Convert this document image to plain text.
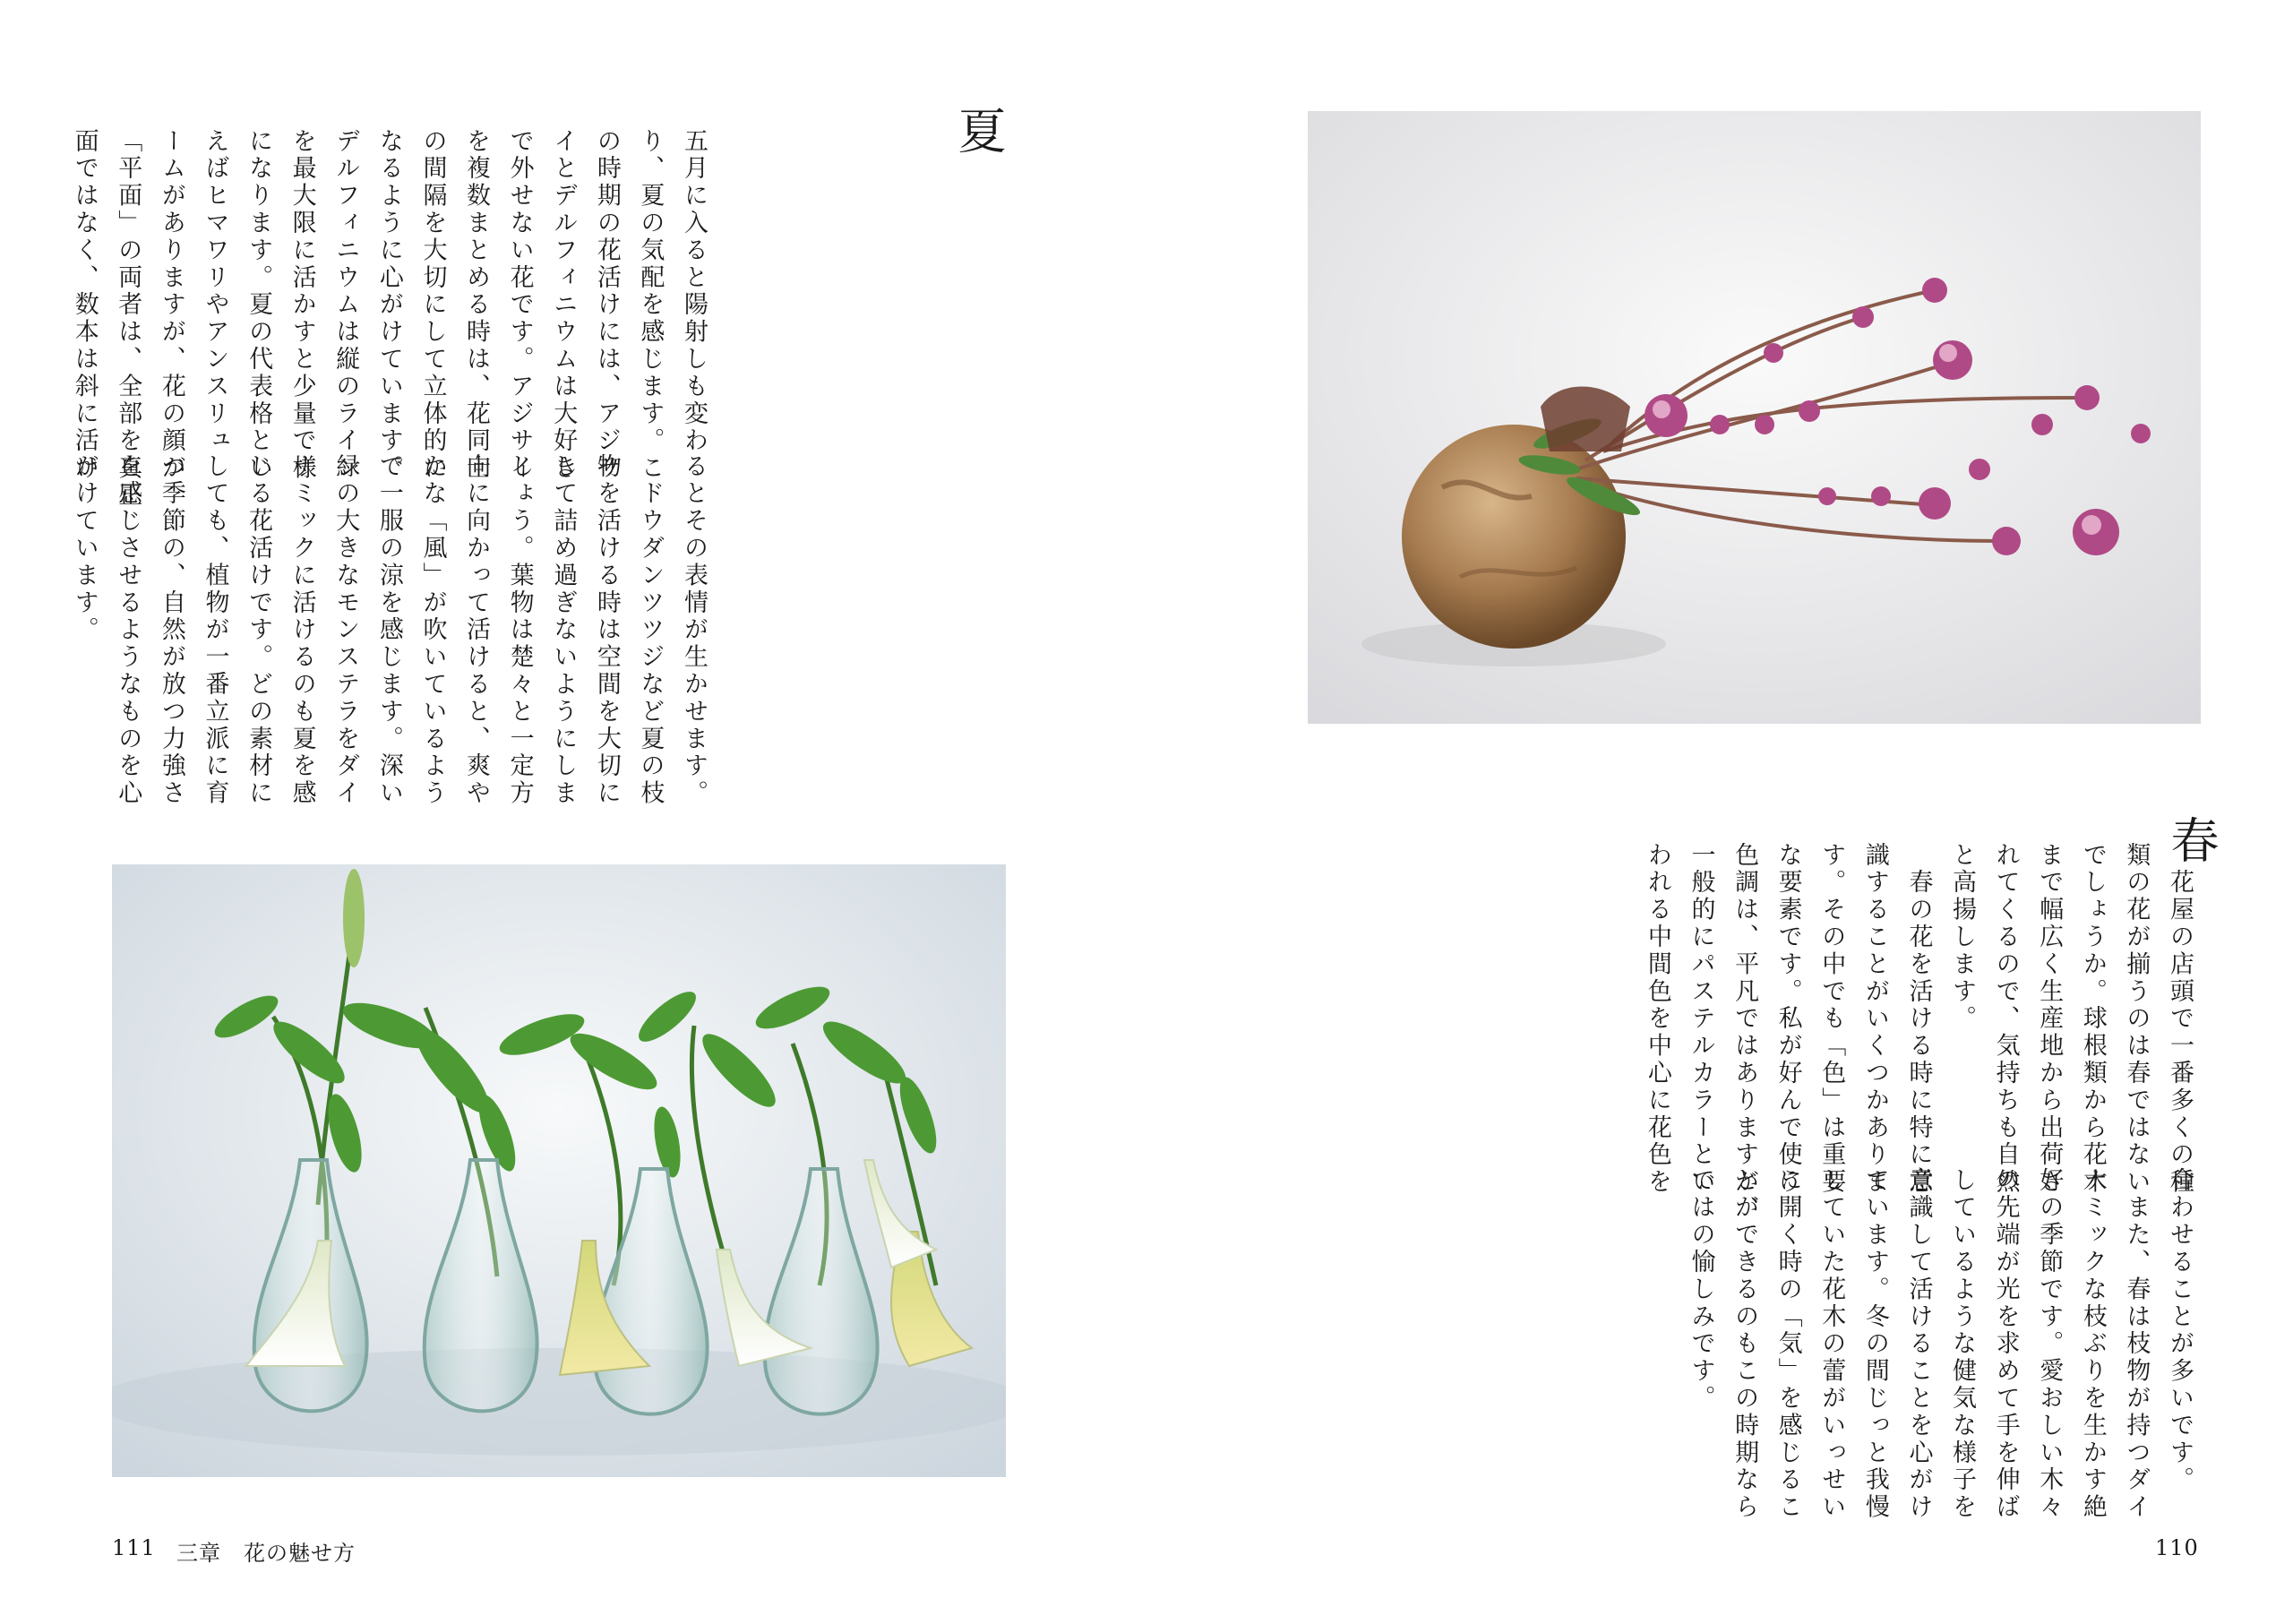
夏
五月に入ると陽射しも変わ
り、夏の気配を感じます。こ
の時期の花活けには、アジサ
イとデルフィニウムは大好き
で外せない花です。アジサイ
を複数まとめる時は、花同士
の間隔を大切にして立体的に
なるように心がけています。
デルフィニウムは縦のライン
を最大限に活かすと少量で様
になります。夏の代表格とい
えばヒマワリやアンスリュ
ームがありますが、花の顔が
「平面」の両者は、全部を真正
面ではなく、数本は斜に活け
るとその表情が生かせます。
　ドウダンツツジなど夏の枝
物を活ける時は空間を大切に
して詰め過ぎないようにしま
しょう。葉物は楚々と一定方
向に向かって活けると、爽や
かな「風」が吹いているよう
で一服の涼を感じます。深い
緑の大きなモンステラをダイ
ナミックに活けるのも夏を感
じる花活けです。どの素材に
しても、植物が一番立派に育
つ季節の、自然が放つ力強さ
を感じさせるようなものを心
がけています。
111 三章　花の魅せ方
春
　花屋の店頭で一番多くの種
類の花が揃うのは春ではない
でしょうか。球根類から花木
まで幅広く生産地から出荷さ
れてくるので、気持ちも自然
と高揚します。
　春の花を活ける時に特に意
識することがいくつかありま
す。その中でも「色」は重要
な要素です。私が好んで使う
色調は、平凡ではありますが、
一般的にパステルカラーとい
われる中間色を中心に花色を
合わせることが多いです。
　また、春は枝物が持つダイ
ナミックな枝ぶりを生かす絶
好の季節です。愛おしい木々
の先端が光を求めて手を伸ば
しているような健気な様子を
意識して活けることを心がけ
ています。冬の間じっと我慢
していた花木の蕾がいっせい
に開く時の「気」を感じるこ
とができるのもこの時期なら
ではの愉しみです。
110
